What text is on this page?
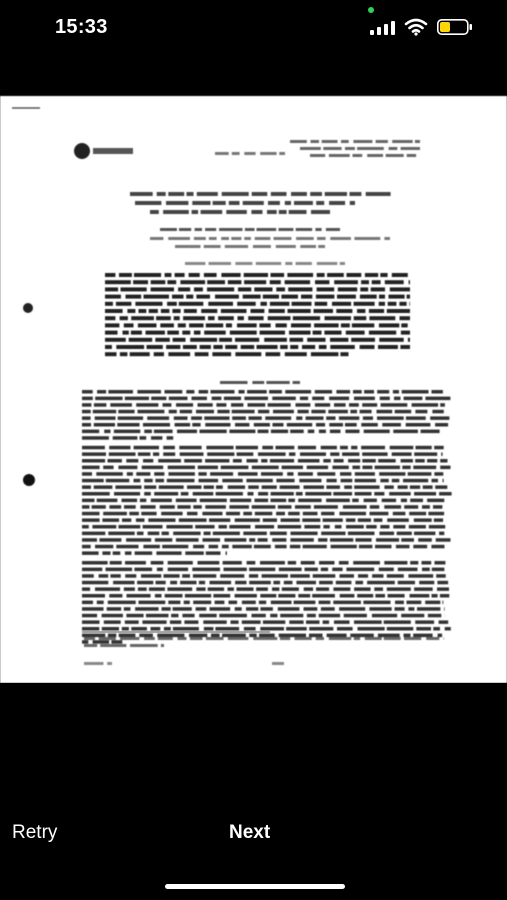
15:33
Retry	Next
